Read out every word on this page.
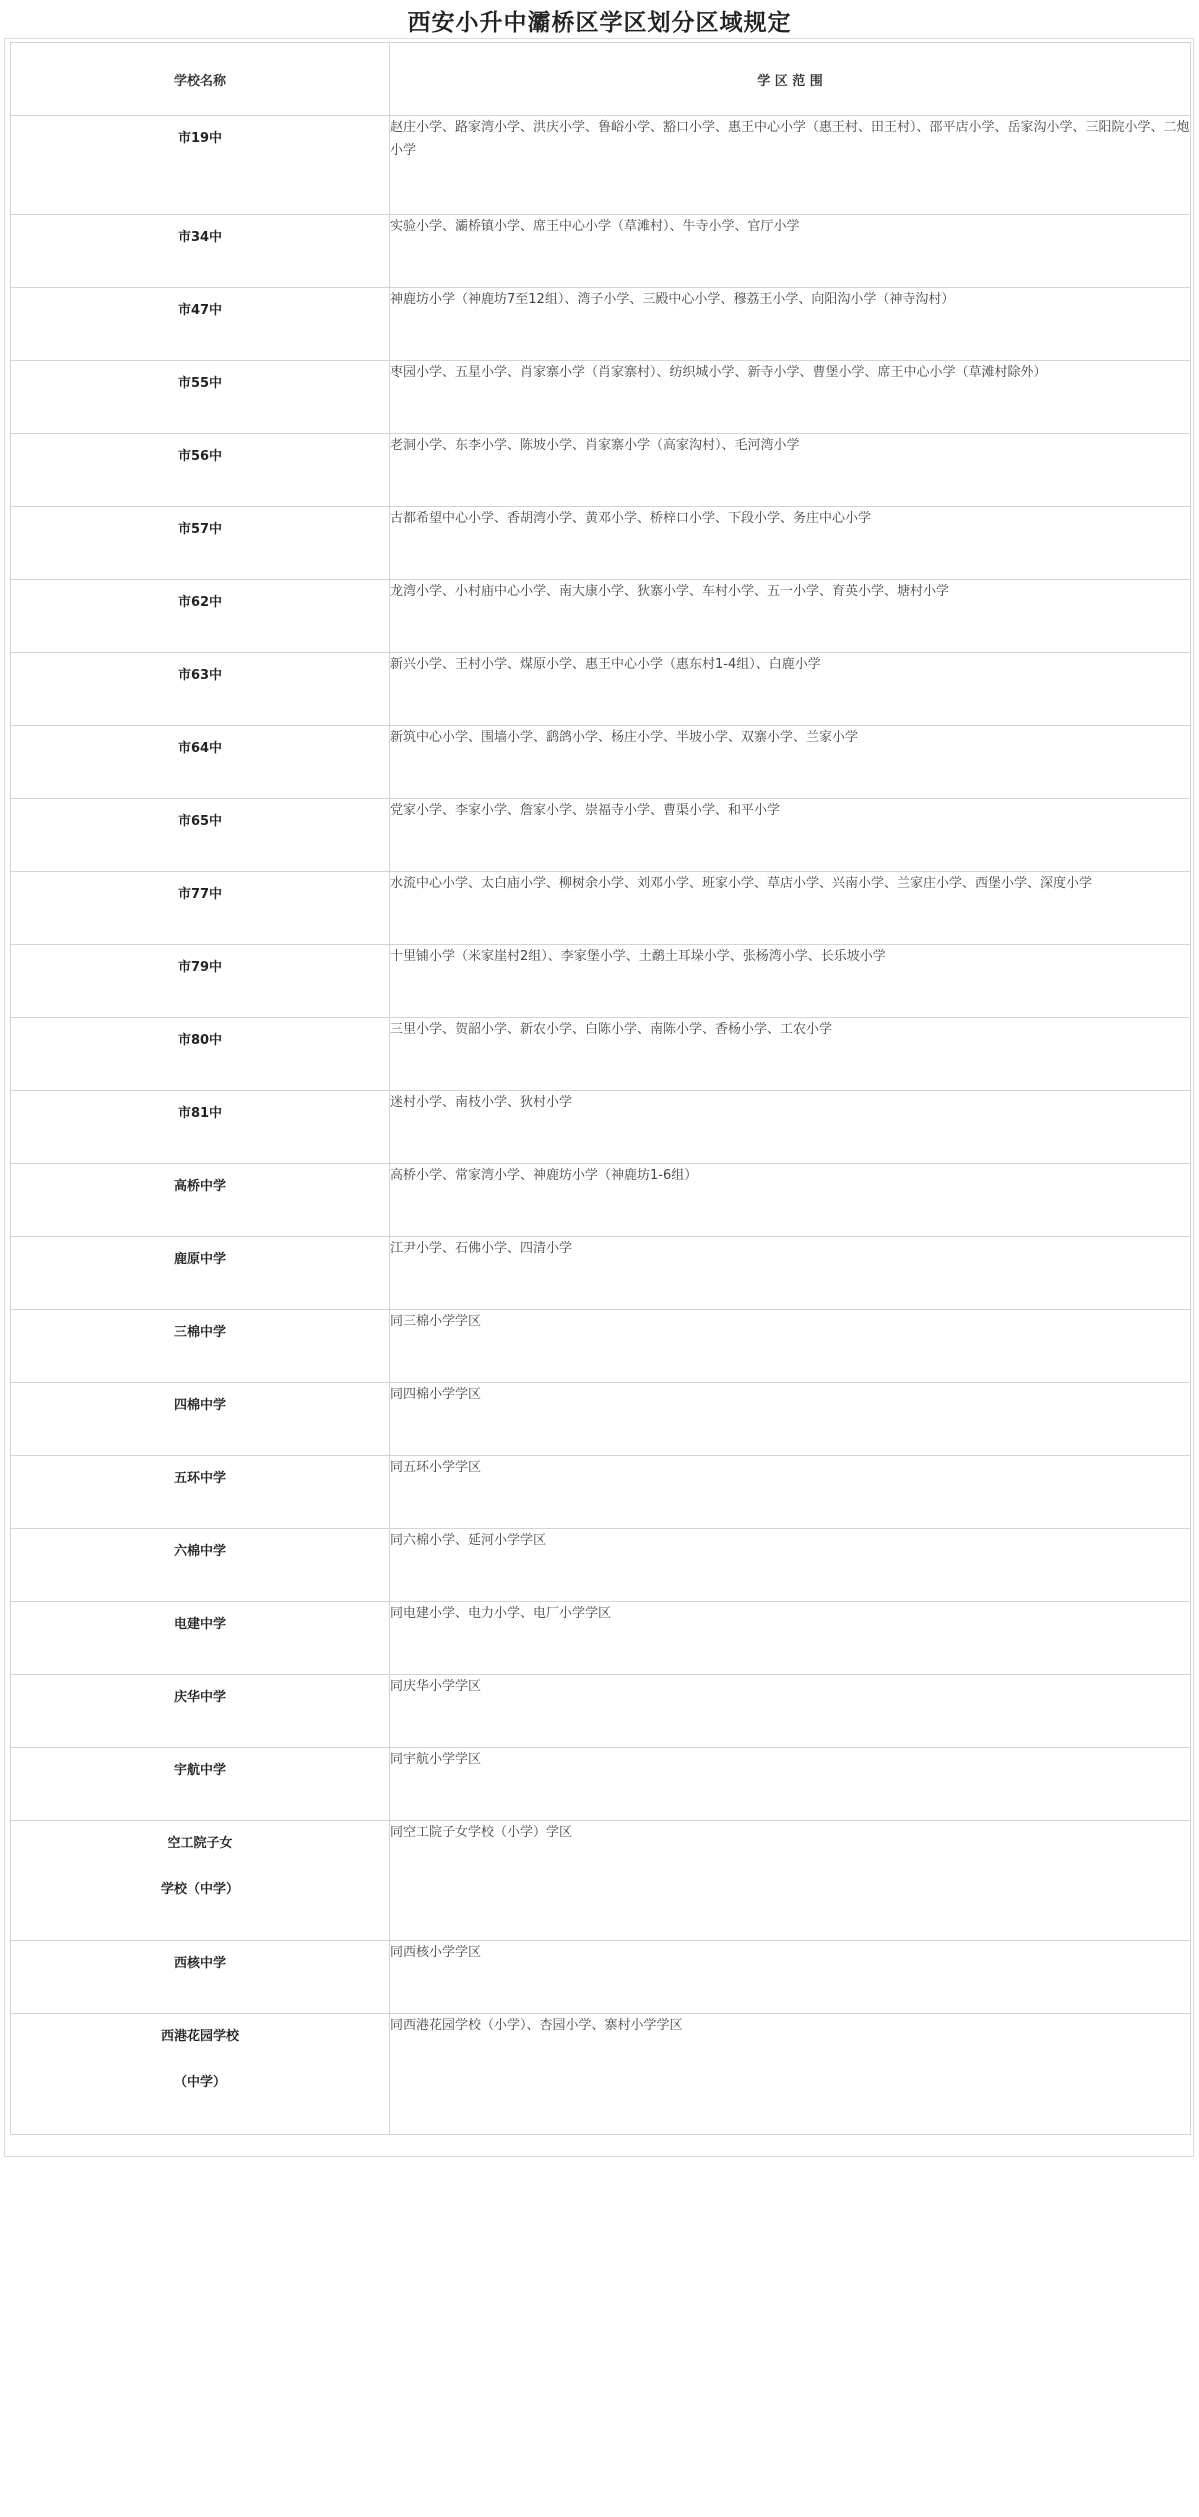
西安小升中灞桥区学区划分区域规定
学校名称	学 区 范 围

市19中	赵庄小学、路家湾小学、洪庆小学、鲁峪小学、豁口小学、惠王中心小学（惠王村、田王村）、邵平店小学、岳家沟小学、三阳院小学、二炮小学

市34中	实验小学、灞桥镇小学、席王中心小学（草滩村）、牛寺小学、官厅小学

市47中	神鹿坊小学（神鹿坊7至12组）、湾子小学、三殿中心小学、穆荔王小学、向阳沟小学（神寺沟村）

市55中	枣园小学、五星小学、肖家寨小学（肖家寨村）、纺织城小学、新寺小学、曹堡小学、席王中心小学（草滩村除外）

市56中	老洞小学、东李小学、陈坡小学、肖家寨小学（高家沟村）、毛河湾小学

市57中	古都希望中心小学、香胡湾小学、黄邓小学、桥梓口小学、下段小学、务庄中心小学

市62中	龙湾小学、小村庙中心小学、南大康小学、狄寨小学、车村小学、五一小学、育英小学、塘村小学

市63中	新兴小学、王村小学、煤原小学、惠王中心小学（惠东村1-4组）、白鹿小学

市64中	新筑中心小学、围墙小学、鹞鸽小学、杨庄小学、半坡小学、双寨小学、兰家小学

市65中	党家小学、李家小学、詹家小学、崇福寺小学、曹渠小学、和平小学

市77中	水流中心小学、太白庙小学、柳树余小学、刘邓小学、班家小学、草店小学、兴南小学、兰家庄小学、西堡小学、深度小学

市79中	十里铺小学（米家崖村2组）、李家堡小学、土鹬土耳垛小学、张杨湾小学、长乐坡小学

市80中	三里小学、贺韶小学、新农小学、白陈小学、南陈小学、香杨小学、工农小学

市81中	迷村小学、南枝小学、狄村小学

高桥中学	高桥小学、常家湾小学、神鹿坊小学（神鹿坊1-6组）

鹿原中学	江尹小学、石佛小学、四清小学

三棉中学	同三棉小学学区

四棉中学	同四棉小学学区

五环中学	同五环小学学区

六棉中学	同六棉小学、延河小学学区

电建中学	同电建小学、电力小学、电厂小学学区

庆华中学	同庆华小学学区

宇航中学	同宇航小学学区

空工院子女
学校（中学）	同空工院子女学校（小学）学区

西核中学	同西核小学学区

西港花园学校
（中学）	同西港花园学校（小学）、杏园小学、寨村小学学区
